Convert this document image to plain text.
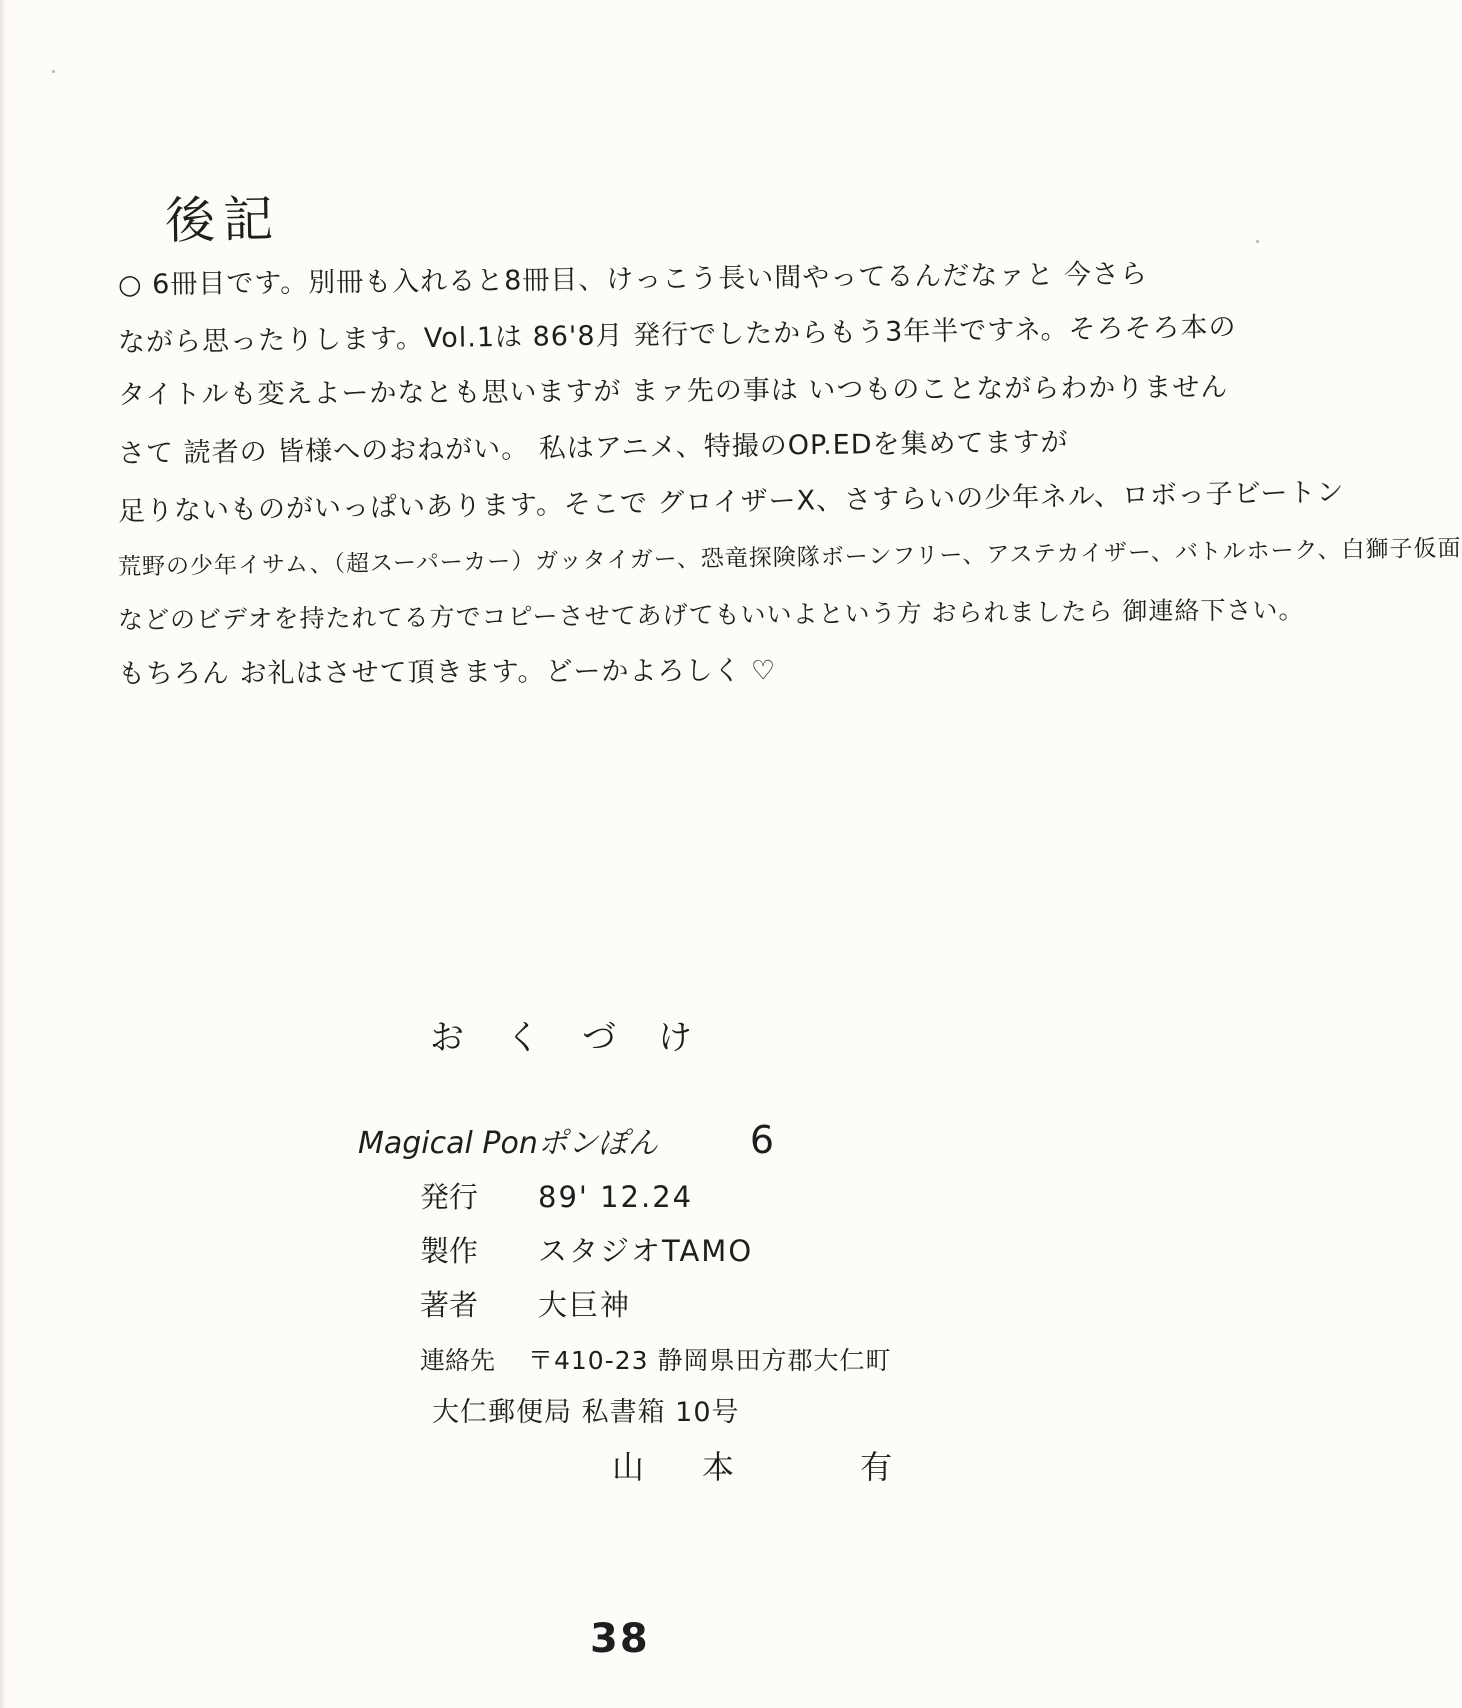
後記
○ 6冊目です。別冊も入れると8冊目、けっこう長い間やってるんだなァと 今さら
ながら思ったりします。Vol.1は 86'8月 発行でしたからもう3年半ですネ。そろそろ本の
タイトルも変えよーかなとも思いますが まァ先の事は いつものことながらわかりません
さて 読者の 皆様へのおねがい。 私はアニメ、特撮のOP.EDを集めてますが
足りないものがいっぱいあります。そこで グロイザーX、さすらいの少年ネル、ロボっ子ビートン
荒野の少年イサム、（超スーパーカー）ガッタイガー、恐竜探険隊ボーンフリー、アステカイザー、バトルホーク、白獅子仮面
などのビデオを持たれてる方でコピーさせてあげてもいいよという方 おられましたら 御連絡下さい。
もちろん お礼はさせて頂きます。どーかよろしく ♡
おくづけ
Magical Ponポンぽん 6
発行 89' 12.24
製作 スタジオTAMO
著者 大巨神
連絡先 〒410-23 静岡県田方郡大仁町
大仁郵便局 私書箱 10号
山本 有
38
